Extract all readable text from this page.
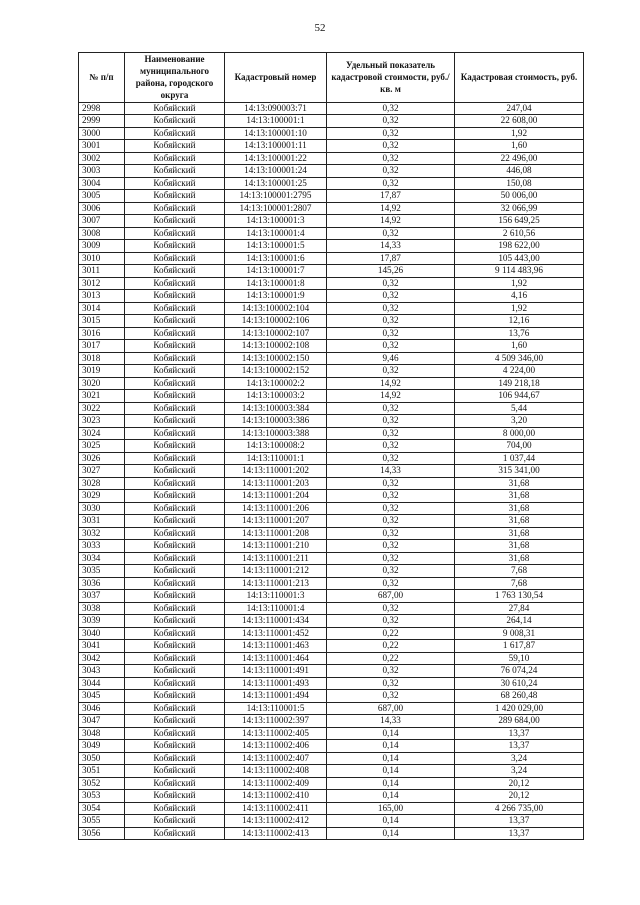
52
№ п/п	Наименование муниципального района, городского округа	Кадастровый номер	Удельный показатель кадастровой стоимости, руб./кв. м	Кадастровая стоимость, руб.
2998	Кобяйский	14:13:090003:71	0,32	247,04
2999	Кобяйский	14:13:100001:1	0,32	22 608,00
3000	Кобяйский	14:13:100001:10	0,32	1,92
3001	Кобяйский	14:13:100001:11	0,32	1,60
3002	Кобяйский	14:13:100001:22	0,32	22 496,00
3003	Кобяйский	14:13:100001:24	0,32	446,08
3004	Кобяйский	14:13:100001:25	0,32	150,08
3005	Кобяйский	14:13:100001:2795	17,87	50 006,00
3006	Кобяйский	14:13:100001:2807	14,92	32 066,99
3007	Кобяйский	14:13:100001:3	14,92	156 649,25
3008	Кобяйский	14:13:100001:4	0,32	2 610,56
3009	Кобяйский	14:13:100001:5	14,33	198 622,00
3010	Кобяйский	14:13:100001:6	17,87	105 443,00
3011	Кобяйский	14:13:100001:7	145,26	9 114 483,96
3012	Кобяйский	14:13:100001:8	0,32	1,92
3013	Кобяйский	14:13:100001:9	0,32	4,16
3014	Кобяйский	14:13:100002:104	0,32	1,92
3015	Кобяйский	14:13:100002:106	0,32	12,16
3016	Кобяйский	14:13:100002:107	0,32	13,76
3017	Кобяйский	14:13:100002:108	0,32	1,60
3018	Кобяйский	14:13:100002:150	9,46	4 509 346,00
3019	Кобяйский	14:13:100002:152	0,32	4 224,00
3020	Кобяйский	14:13:100002:2	14,92	149 218,18
3021	Кобяйский	14:13:100003:2	14,92	106 944,67
3022	Кобяйский	14:13:100003:384	0,32	5,44
3023	Кобяйский	14:13:100003:386	0,32	3,20
3024	Кобяйский	14:13:100003:388	0,32	8 000,00
3025	Кобяйский	14:13:100008:2	0,32	704,00
3026	Кобяйский	14:13:110001:1	0,32	1 037,44
3027	Кобяйский	14:13:110001:202	14,33	315 341,00
3028	Кобяйский	14:13:110001:203	0,32	31,68
3029	Кобяйский	14:13:110001:204	0,32	31,68
3030	Кобяйский	14:13:110001:206	0,32	31,68
3031	Кобяйский	14:13:110001:207	0,32	31,68
3032	Кобяйский	14:13:110001:208	0,32	31,68
3033	Кобяйский	14:13:110001:210	0,32	31,68
3034	Кобяйский	14:13:110001:211	0,32	31,68
3035	Кобяйский	14:13:110001:212	0,32	7,68
3036	Кобяйский	14:13:110001:213	0,32	7,68
3037	Кобяйский	14:13:110001:3	687,00	1 763 130,54
3038	Кобяйский	14:13:110001:4	0,32	27,84
3039	Кобяйский	14:13:110001:434	0,32	264,14
3040	Кобяйский	14:13:110001:452	0,22	9 008,31
3041	Кобяйский	14:13:110001:463	0,22	1 617,87
3042	Кобяйский	14:13:110001:464	0,22	59,10
3043	Кобяйский	14:13:110001:491	0,32	76 074,24
3044	Кобяйский	14:13:110001:493	0,32	30 610,24
3045	Кобяйский	14:13:110001:494	0,32	68 260,48
3046	Кобяйский	14:13:110001:5	687,00	1 420 029,00
3047	Кобяйский	14:13:110002:397	14,33	289 684,00
3048	Кобяйский	14:13:110002:405	0,14	13,37
3049	Кобяйский	14:13:110002:406	0,14	13,37
3050	Кобяйский	14:13:110002:407	0,14	3,24
3051	Кобяйский	14:13:110002:408	0,14	3,24
3052	Кобяйский	14:13:110002:409	0,14	20,12
3053	Кобяйский	14:13:110002:410	0,14	20,12
3054	Кобяйский	14:13:110002:411	165,00	4 266 735,00
3055	Кобяйский	14:13:110002:412	0,14	13,37
3056	Кобяйский	14:13:110002:413	0,14	13,37
